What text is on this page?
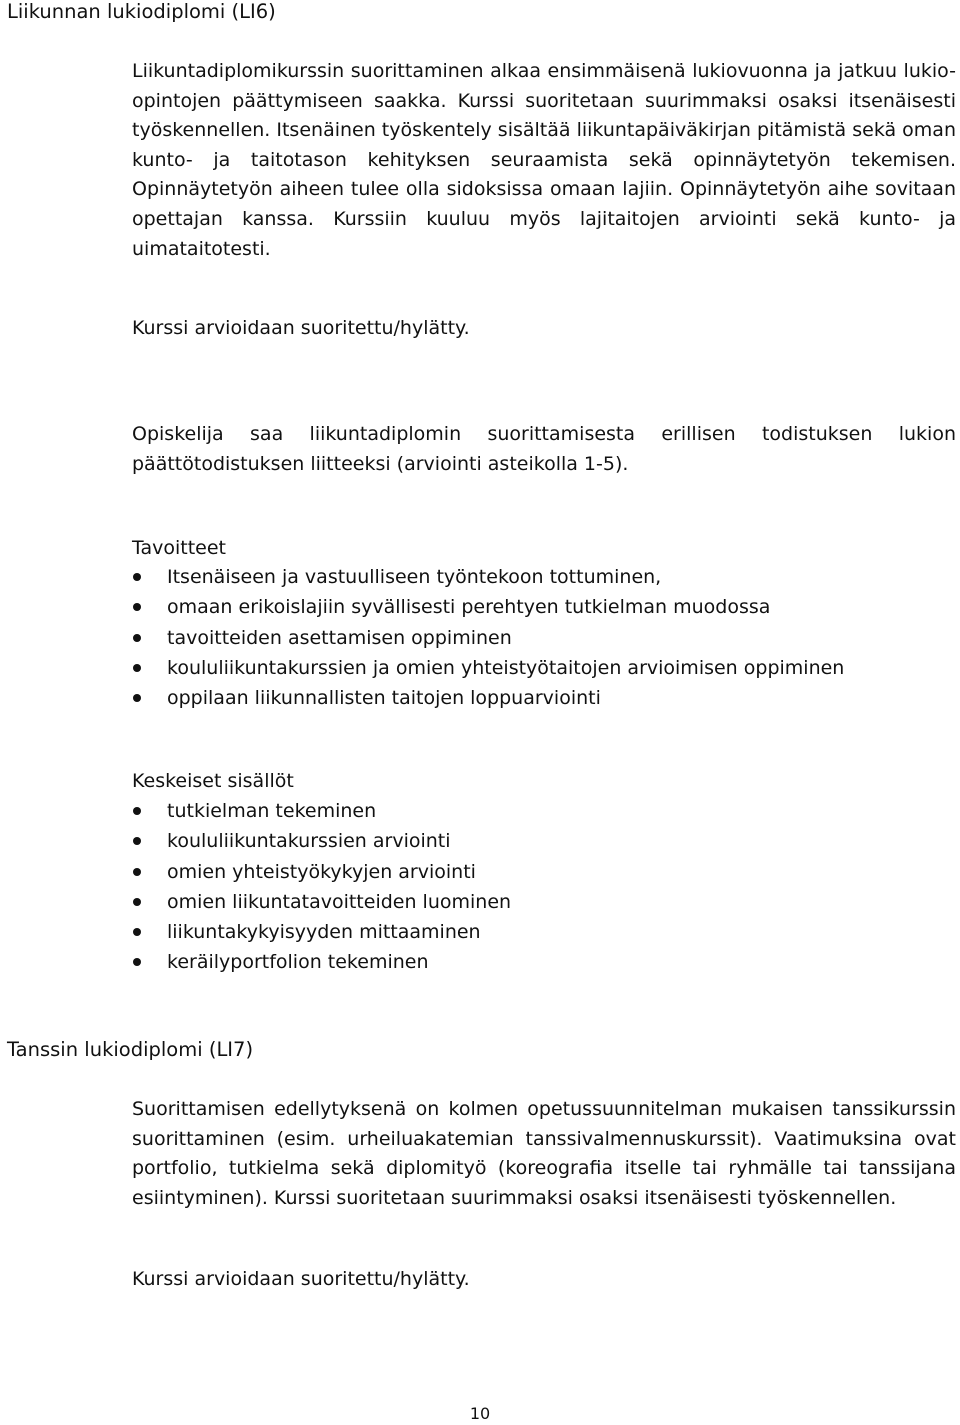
Liikunnan lukiodiplomi (LI6)

Liikuntadiplomikurssin suorittaminen alkaa ensimmäisenä lukiovuonna ja jatkuu lukio-opintojen päättymiseen saakka. Kurssi suoritetaan suurimmaksi osaksi itsenäisesti työskennellen. Itsenäinen työskentely sisältää liikuntapäiväkirjan pitämistä sekä oman kunto- ja taitotason kehityksen seuraamista sekä opinnäytetyön tekemisen. Opinnäytetyön aiheen tulee olla sidoksissa omaan lajiin. Opinnäytetyön aihe sovitaan opettajan kanssa. Kurssiin kuuluu myös lajitaitojen arviointi sekä kunto- ja uimataitotesti.

Kurssi arvioidaan suoritettu/hylätty.

Opiskelija saa liikuntadiplomin suorittamisesta erillisen todistuksen lukion päättötodistuksen liitteeksi (arviointi asteikolla 1-5).

Tavoitteet

Itsenäiseen ja vastuulliseen työntekoon tottuminen,
omaan erikoislajiin syvällisesti perehtyen tutkielman muodossa
tavoitteiden asettamisen oppiminen
koululiikuntakurssien ja omien yhteistyötaitojen arvioimisen oppiminen
oppilaan liikunnallisten taitojen loppuarviointi

Keskeiset sisällöt

tutkielman tekeminen
koululiikuntakurssien arviointi
omien yhteistyökykyjen arviointi
omien liikuntatavoitteiden luominen
liikuntakykyisyyden mittaaminen
keräilyportfolion tekeminen
Tanssin lukiodiplomi (LI7)

Suorittamisen edellytyksenä on kolmen opetussuunnitelman mukaisen tanssikurssin suorittaminen (esim. urheiluakatemian tanssivalmennuskurssit). Vaatimuksina ovat portfolio, tutkielma sekä diplomityö (koreografia itselle tai ryhmälle tai tanssijana esiintyminen). Kurssi suoritetaan suurimmaksi osaksi itsenäisesti työskennellen.

Kurssi arvioidaan suoritettu/hylätty.

10
